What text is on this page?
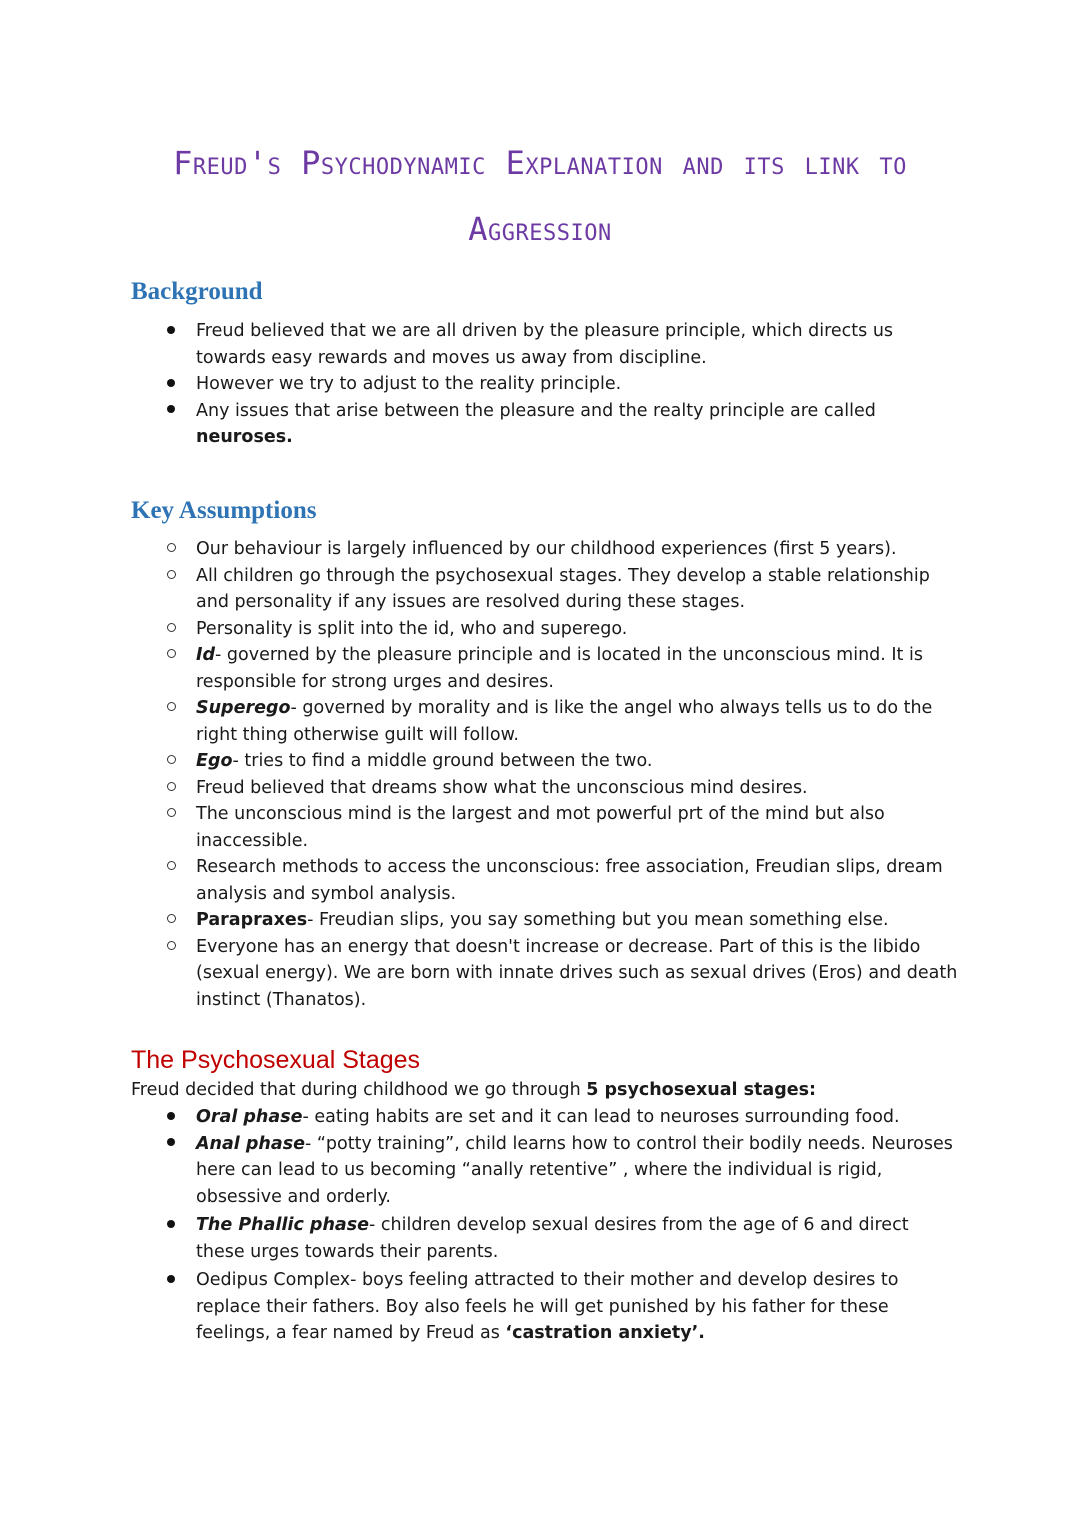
Freud's Psychodynamic Explanation and its link to
Aggression
Background
Freud believed that we are all driven by the pleasure principle, which directs us towards easy rewards and moves us away from discipline.
However we try to adjust to the reality principle.
Any issues that arise between the pleasure and the realty principle are called
neuroses.
Key Assumptions
Our behaviour is largely influenced by our childhood experiences (first 5 years).
All children go through the psychosexual stages. They develop a stable relationship and personality if any issues are resolved during these stages.
Personality is split into the id, who and superego.
Id- governed by the pleasure principle and is located in the unconscious mind. It is responsible for strong urges and desires.
Superego- governed by morality and is like the angel who always tells us to do the right thing otherwise guilt will follow.
Ego- tries to find a middle ground between the two.
Freud believed that dreams show what the unconscious mind desires.
The unconscious mind is the largest and mot powerful prt of the mind but also inaccessible.
Research methods to access the unconscious: free association, Freudian slips, dream analysis and symbol analysis.
Parapraxes- Freudian slips, you say something but you mean something else.
Everyone has an energy that doesn't increase or decrease. Part of this is the libido (sexual energy). We are born with innate drives such as sexual drives (Eros) and death instinct (Thanatos).
The Psychosexual Stages

Freud decided that during childhood we go through 5 psychosexual stages:

Oral phase- eating habits are set and it can lead to neuroses surrounding food.
Anal phase- “potty training”, child learns how to control their bodily needs. Neuroses here can lead to us becoming “anally retentive” , where the individual is rigid, obsessive and orderly.
The Phallic phase- children develop sexual desires from the age of 6 and direct these urges towards their parents.
Oedipus Complex- boys feeling attracted to their mother and develop desires to replace their fathers. Boy also feels he will get punished by his father for these feelings, a fear named by Freud as ‘castration anxiety’.
